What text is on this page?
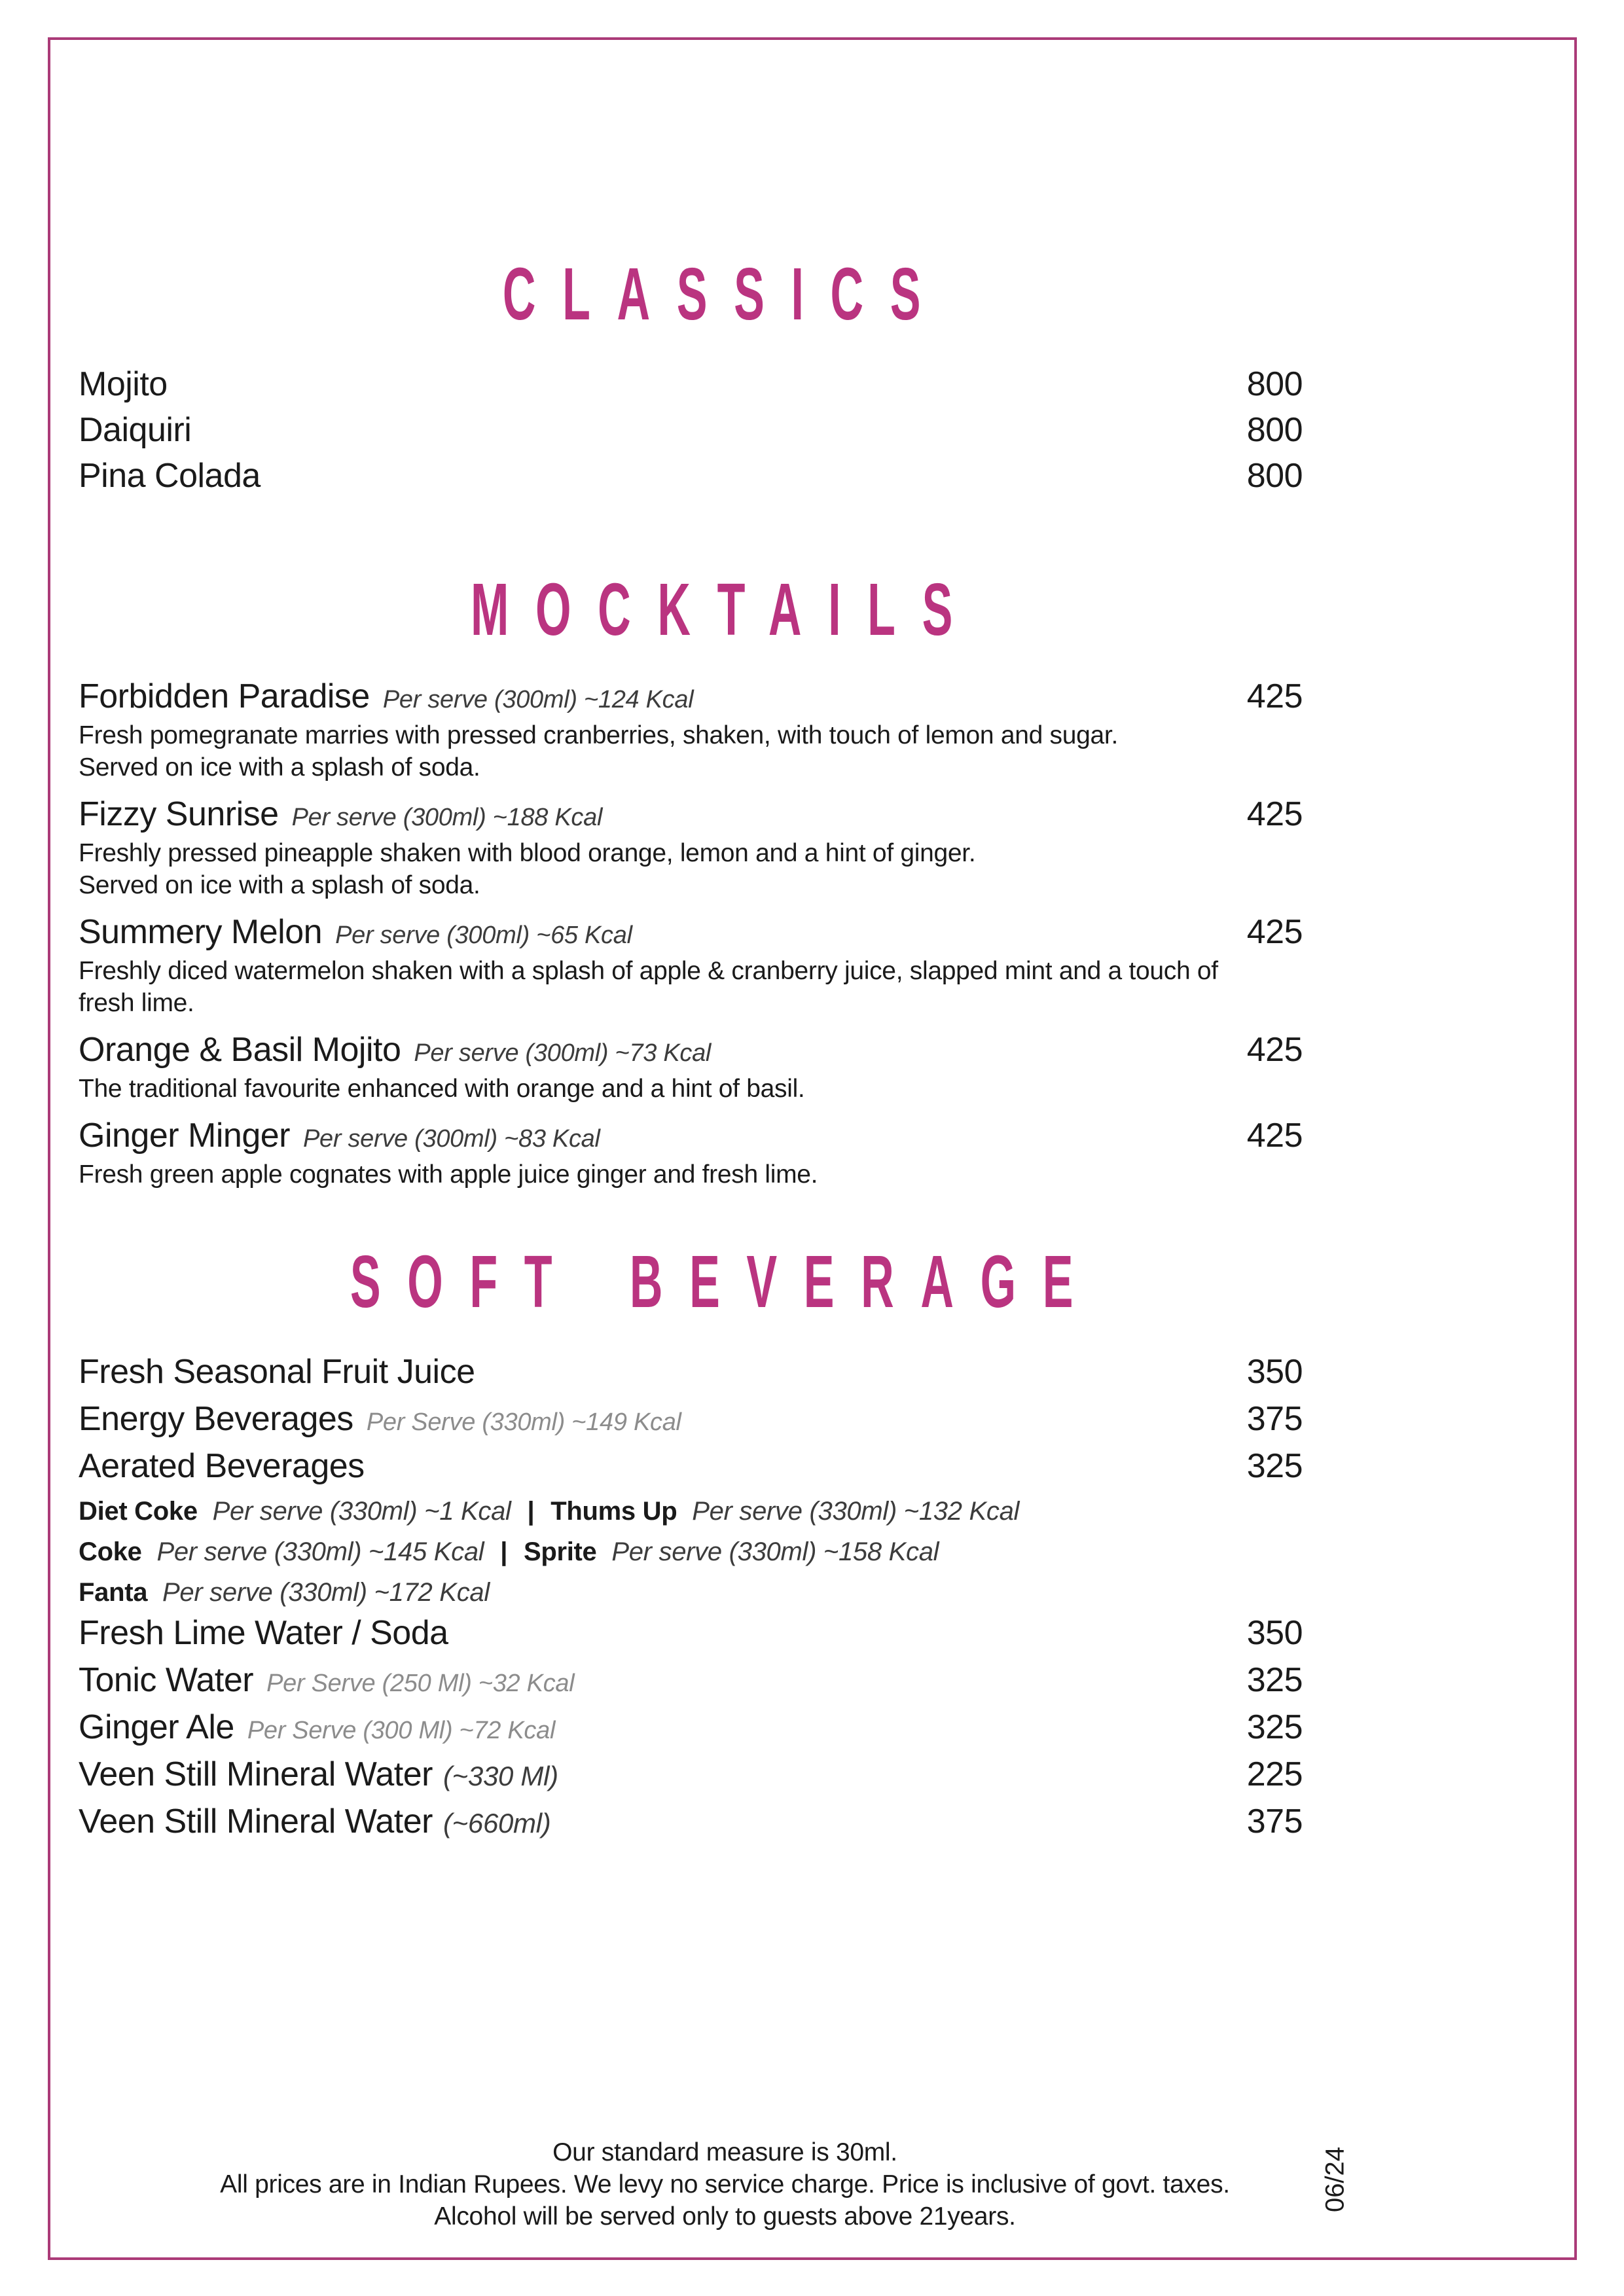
CLASSICS
Mojito	800
Daiquiri	800
Pina Colada	800
MOCKTAILS
Forbidden Paradise Per serve (300ml) ~124 Kcal	425
Fresh pomegranate marries with pressed cranberries, shaken, with touch of lemon and sugar.
Served on ice with a splash of soda.
Fizzy Sunrise Per serve (300ml) ~188 Kcal	425
Freshly pressed pineapple shaken with blood orange, lemon and a hint of ginger.
Served on ice with a splash of soda.
Summery Melon Per serve (300ml) ~65 Kcal	425
Freshly diced watermelon shaken with a splash of apple & cranberry juice, slapped mint and a touch of
fresh lime.
Orange & Basil Mojito Per serve (300ml) ~73 Kcal	425
The traditional favourite enhanced with orange and a hint of basil.
Ginger Minger Per serve (300ml) ~83 Kcal	425
Fresh green apple cognates with apple juice ginger and fresh lime.
SOFT BEVERAGE
Fresh Seasonal Fruit Juice	350
Energy Beverages Per Serve (330ml) ~149 Kcal	375
Aerated Beverages	325
Diet Coke Per serve (330ml) ~1 Kcal | Thums Up Per serve (330ml) ~132 Kcal
Coke Per serve (330ml) ~145 Kcal | Sprite Per serve (330ml) ~158 Kcal
Fanta Per serve (330ml) ~172 Kcal
Fresh Lime Water / Soda	350
Tonic Water Per Serve (250 Ml) ~32 Kcal	325
Ginger Ale Per Serve (300 Ml) ~72 Kcal	325
Veen Still Mineral Water (~330 Ml)	225
Veen Still Mineral Water (~660ml)	375
Our standard measure is 30ml.
All prices are in Indian Rupees. We levy no service charge. Price is inclusive of govt. taxes.
Alcohol will be served only to guests above 21years.
06/24
